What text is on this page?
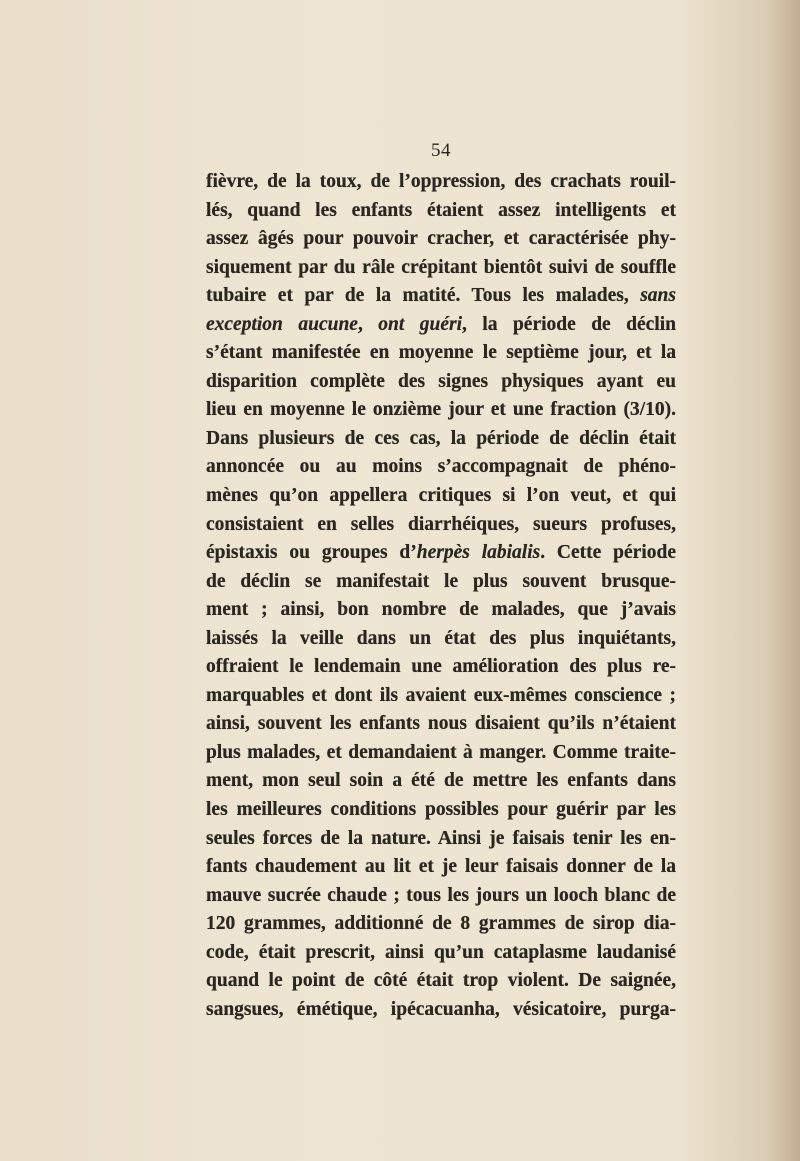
54
fièvre, de la toux, de l’oppression, des crachats rouil-
lés, quand les enfants étaient assez intelligents et
assez âgés pour pouvoir cracher, et caractérisée phy-
siquement par du râle crépitant bientôt suivi de souffle
tubaire et par de la matité. Tous les malades, sans
exception aucune, ont guéri, la période de déclin
s’étant manifestée en moyenne le septième jour, et la
disparition complète des signes physiques ayant eu
lieu en moyenne le onzième jour et une fraction (3/10).
Dans plusieurs de ces cas, la période de déclin était
annoncée ou au moins s’accompagnait de phéno-
mènes qu’on appellera critiques si l’on veut, et qui
consistaient en selles diarrhéiques, sueurs profuses,
épistaxis ou groupes d’herpès labialis. Cette période
de déclin se manifestait le plus souvent brusque-
ment ; ainsi, bon nombre de malades, que j’avais
laissés la veille dans un état des plus inquiétants,
offraient le lendemain une amélioration des plus re-
marquables et dont ils avaient eux-mêmes conscience ;
ainsi, souvent les enfants nous disaient qu’ils n’étaient
plus malades, et demandaient à manger. Comme traite-
ment, mon seul soin a été de mettre les enfants dans
les meilleures conditions possibles pour guérir par les
seules forces de la nature. Ainsi je faisais tenir les en-
fants chaudement au lit et je leur faisais donner de la
mauve sucrée chaude ; tous les jours un looch blanc de
120 grammes, additionné de 8 grammes de sirop dia-
code, était prescrit, ainsi qu’un cataplasme laudanisé
quand le point de côté était trop violent. De saignée,
sangsues, émétique, ipécacuanha, vésicatoire, purga-
